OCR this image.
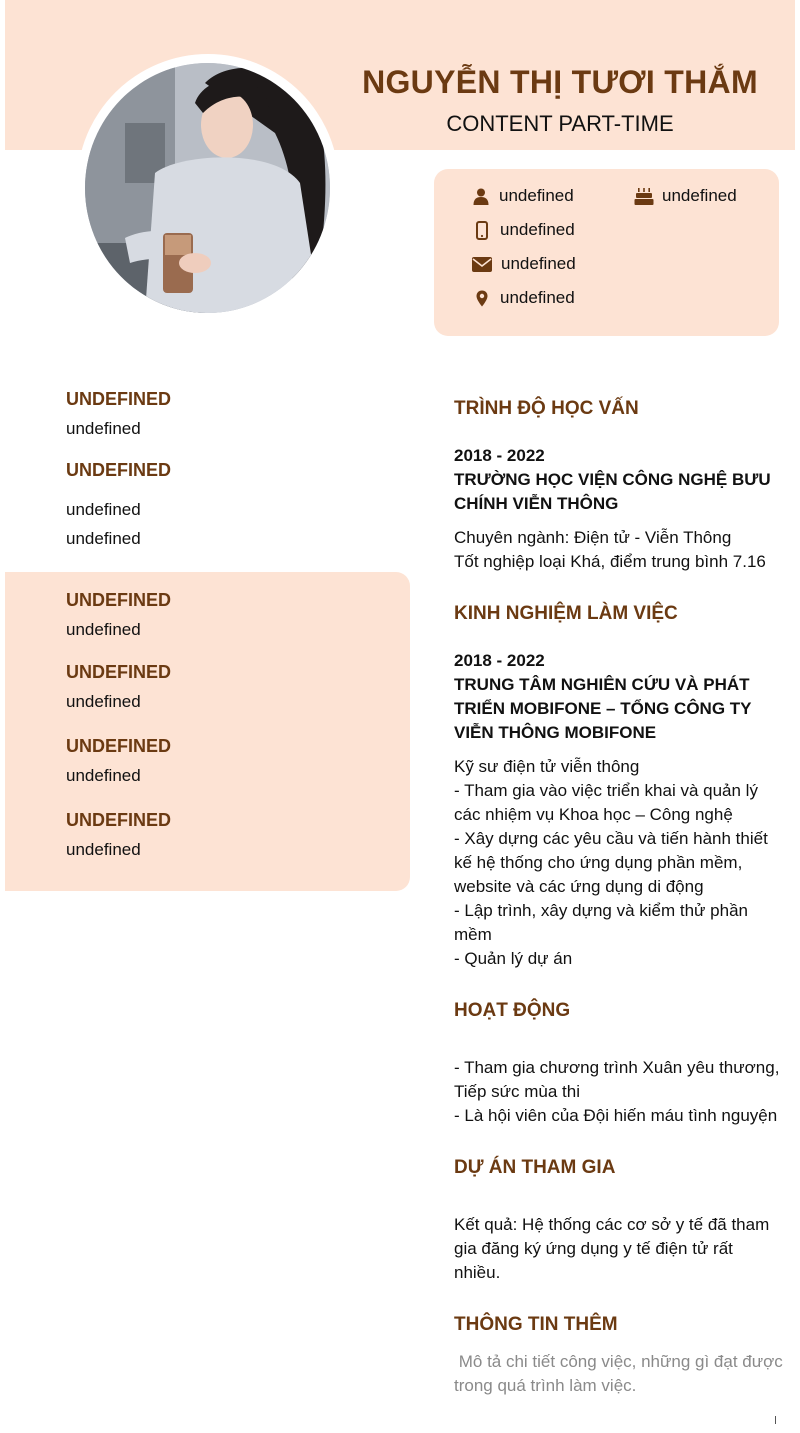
NGUYỄN THỊ TƯƠI THẮM
CONTENT PART-TIME
undefined	undefined
undefined
undefined
undefined
UNDEFINED
undefined
UNDEFINED
undefined
undefined
UNDEFINED
undefined
UNDEFINED
undefined
UNDEFINED
undefined
UNDEFINED
undefined
TRÌNH ĐỘ HỌC VẤN
2018 - 2022
TRƯỜNG HỌC VIỆN CÔNG NGHỆ BƯU CHÍNH VIỄN THÔNG
Chuyên ngành: Điện tử - Viễn Thông
Tốt nghiệp loại Khá, điểm trung bình 7.16
KINH NGHIỆM LÀM VIỆC
2018 - 2022
TRUNG TÂM NGHIÊN CỨU VÀ PHÁT TRIỂN MOBIFONE – TỔNG CÔNG TY VIỄN THÔNG MOBIFONE
Kỹ sư điện tử viễn thông
- Tham gia vào việc triển khai và quản lý các nhiệm vụ Khoa học – Công nghệ
- Xây dựng các yêu cầu và tiến hành thiết kế hệ thống cho ứng dụng phần mềm, website và các ứng dụng di động
- Lập trình, xây dựng và kiểm thử phần mềm
- Quản lý dự án
HOẠT ĐỘNG
- Tham gia chương trình Xuân yêu thương, Tiếp sức mùa thi
- Là hội viên của Đội hiến máu tình nguyện
DỰ ÁN THAM GIA
Kết quả: Hệ thống các cơ sở y tế đã tham gia đăng ký ứng dụng y tế điện tử rất nhiều.
THÔNG TIN THÊM
Mô tả chi tiết công việc, những gì đạt được trong quá trình làm việc.
